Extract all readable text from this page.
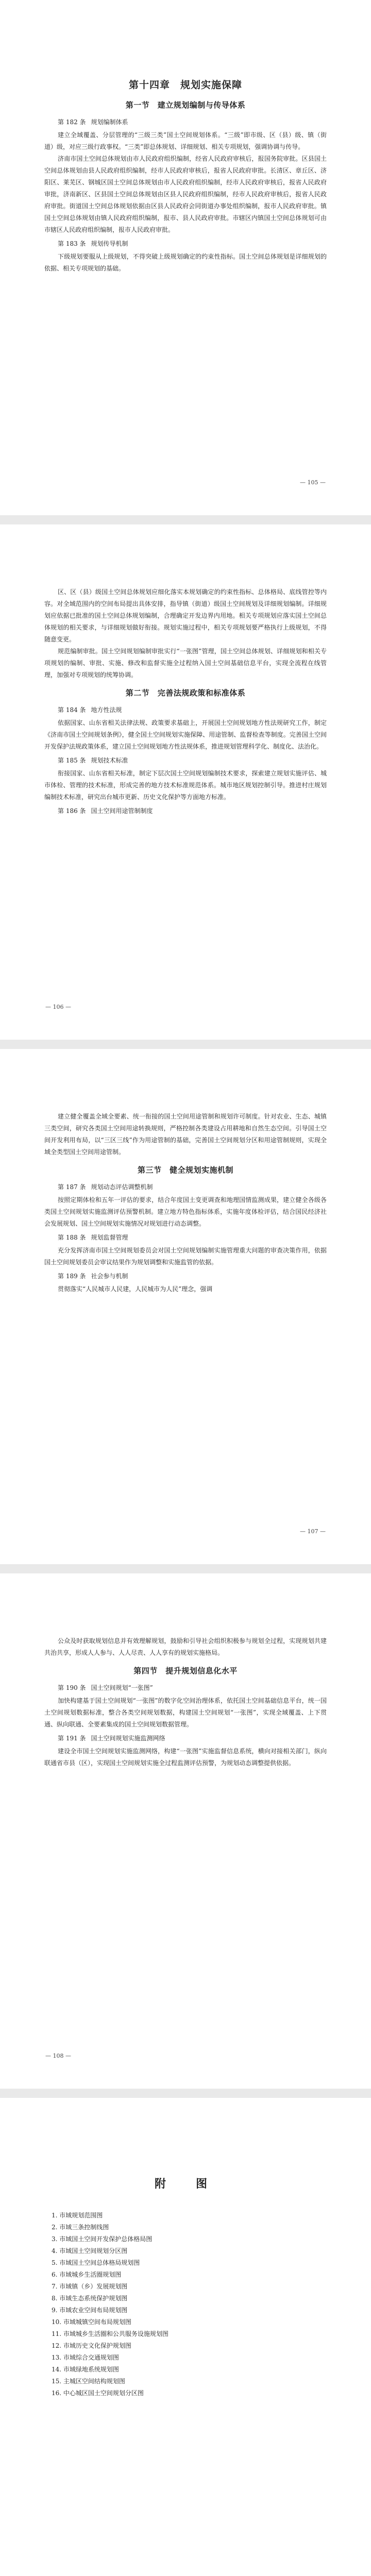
第十四章　规划实施保障
第一节　建立规划编制与传导体系
第 182 条 规划编制体系

建立全域覆盖、分层管理的“三级三类”国土空间规划体系。“三级”即市级、区（县）级、镇（街道）级，对应三级行政事权。“三类”即总体规划、详细规划、相关专项规划，强调协调与传导。

济南市国土空间总体规划由市人民政府组织编制，经省人民政府审核后，报国务院审批。区县国土空间总体规划由县人民政府组织编制，经市人民政府审核后，报省人民政府审批。长清区、章丘区、济阳区、莱芜区、钢城区国土空间总体规划由市人民政府组织编制，经市人民政府审核后，报省人民政府审批，济南新区、区县国土空间总体规划由区县人民政府组织编制，经市人民政府审核后，报省人民政府审批。街道国土空间总体规划依据由区县人民政府会同街道办事处组织编制，报市人民政府审批。镇国土空间总体规划由镇人民政府组织编制，报市、县人民政府审批。市辖区内镇国土空间总体规划可由市辖区人民政府组织编制，报市人民政府审批。

第 183 条 规划传导机制

下级规划要服从上级规划，不得突破上级规划确定的约束性指标。国土空间总体规划是详细规划的依据、相关专项规划的基础。

— 105 —

区、区（县）级国土空间总体规划应细化落实本规划确定的约束性指标、总体格局、底线管控等内容。对全域范围内的空间布局提出具体安排，指导镇（街道）级国土空间规划及详细规划编制。详细规划应依据已批准的国土空间总体规划编制，合理确定开发边界内用地。相关专项规划应落实国土空间总体规划的相关要求，与详细规划做好衔接。规划实施过程中，相关专项规划要严格执行上级规划，不得随意变更。

规范编制审批。国土空间规划编制审批实行“一张图”管理，国土空间总体规划、详细规划和相关专项规划的编制、审批、实施、修改和监督实施全过程纳入国土空间基础信息平台，实现全流程在线管理，加强对专项规划的统筹协调。

第二节　完善法规政策和标准体系
第 184 条 地方性法规

依据国家、山东省相关法律法规、政策要求基础上，开展国土空间规划地方性法规研究工作，制定《济南市国土空间规划条例》，健全国土空间规划实施保障、用途管制、监督检查等制度。完善国土空间开发保护法规政策体系，建立国土空间规划地方性法规体系，推进规划管理科学化、制度化、法治化。

第 185 条 规划技术标准

衔接国家、山东省相关标准，制定下层次国土空间规划编制技术要求，探索建立规划实施评估、城市体检、管理的技术标准，形成完善的地方技术标准规范体系。城市地区规划控制引导。推进村庄规划编制技术标准，研究出台城市更新、历史文化保护等方面地方标准。

第 186 条 国土空间用途管制制度
— 106 —

建立健全覆盖全域全要素、统一衔接的国土空间用途管制和规划许可制度。针对农业、生态、城镇三类空间，研究各类国土空间用途转换规则，严格控制各类建设占用耕地和自然生态空间。引导国土空间开发利用布局，以“三区三线”作为用途管制的基础，完善国土空间规划分区和用途管制规则，实现全域全类型国土空间用途管制。

第三节　健全规划实施机制
第 187 条 规划动态评估调整机制

按照定期体检和五年一评估的要求，结合年度国土变更调查和地理国情监测成果，建立健全各级各类国土空间规划实施监测评估预警机制。建立地方特色指标体系，实施年度体检评估，结合国民经济社会发展规划、国土空间规划实施情况对规划进行动态调整。

第 188 条 规划监督管理

充分发挥济南市国土空间规划委员会对国土空间规划编制实施管理重大问题的审查决策作用，依据国土空间规划委员会审议结果作为规划调整和实施监管的依据。

第 189 条 社会参与机制

贯彻落实“人民城市人民建，人民城市为人民”理念，强调

— 107 —

公众及时获取规划信息并有效理解规划，鼓励和引导社会组织积极参与规划全过程，实现规划共建共治共享，形成人人参与、人人尽责、人人享有的规划实施格局。

第四节　提升规划信息化水平
第 190 条 国土空间规划“一张图”

加快构建基于国土空间规划“一张图”的数字化空间治理体系，依托国土空间基础信息平台，统一国土空间规划数据标准，整合各类空间规划数据，构建国土空间规划“一张图”，实现全域覆盖、上下贯通、纵向联通、全要素集成的国土空间规划数据管理。

第 191 条 国土空间规划实施监测网络

建设全市国土空间规划实施监测网络，构建“一张图”实施监督信息系统，横向对接相关部门，纵向联通省市县（区），实现国土空间规划实施全过程监测评估预警，为规划动态调整提供依据。

— 108 —
附　图
1. 市域规划范围图
2. 市域三条控制线图
3. 市域国土空间开发保护总体格局图
4. 市域国土空间规划分区图
5. 市域国土空间总体格局规划图
6. 市域城乡生活圈规划图
7. 市域镇（乡）发展规划图
8. 市域生态系统保护规划图
9. 市域农业空间布局规划图
10. 市域城镇空间布局规划图
11. 市域城乡生活圈和公共服务设施规划图
12. 市域历史文化保护规划图
13. 市域综合交通规划图
14. 市域绿地系统规划图
15. 主城区空间结构规划图
16. 中心城区国土空间规划分区图
